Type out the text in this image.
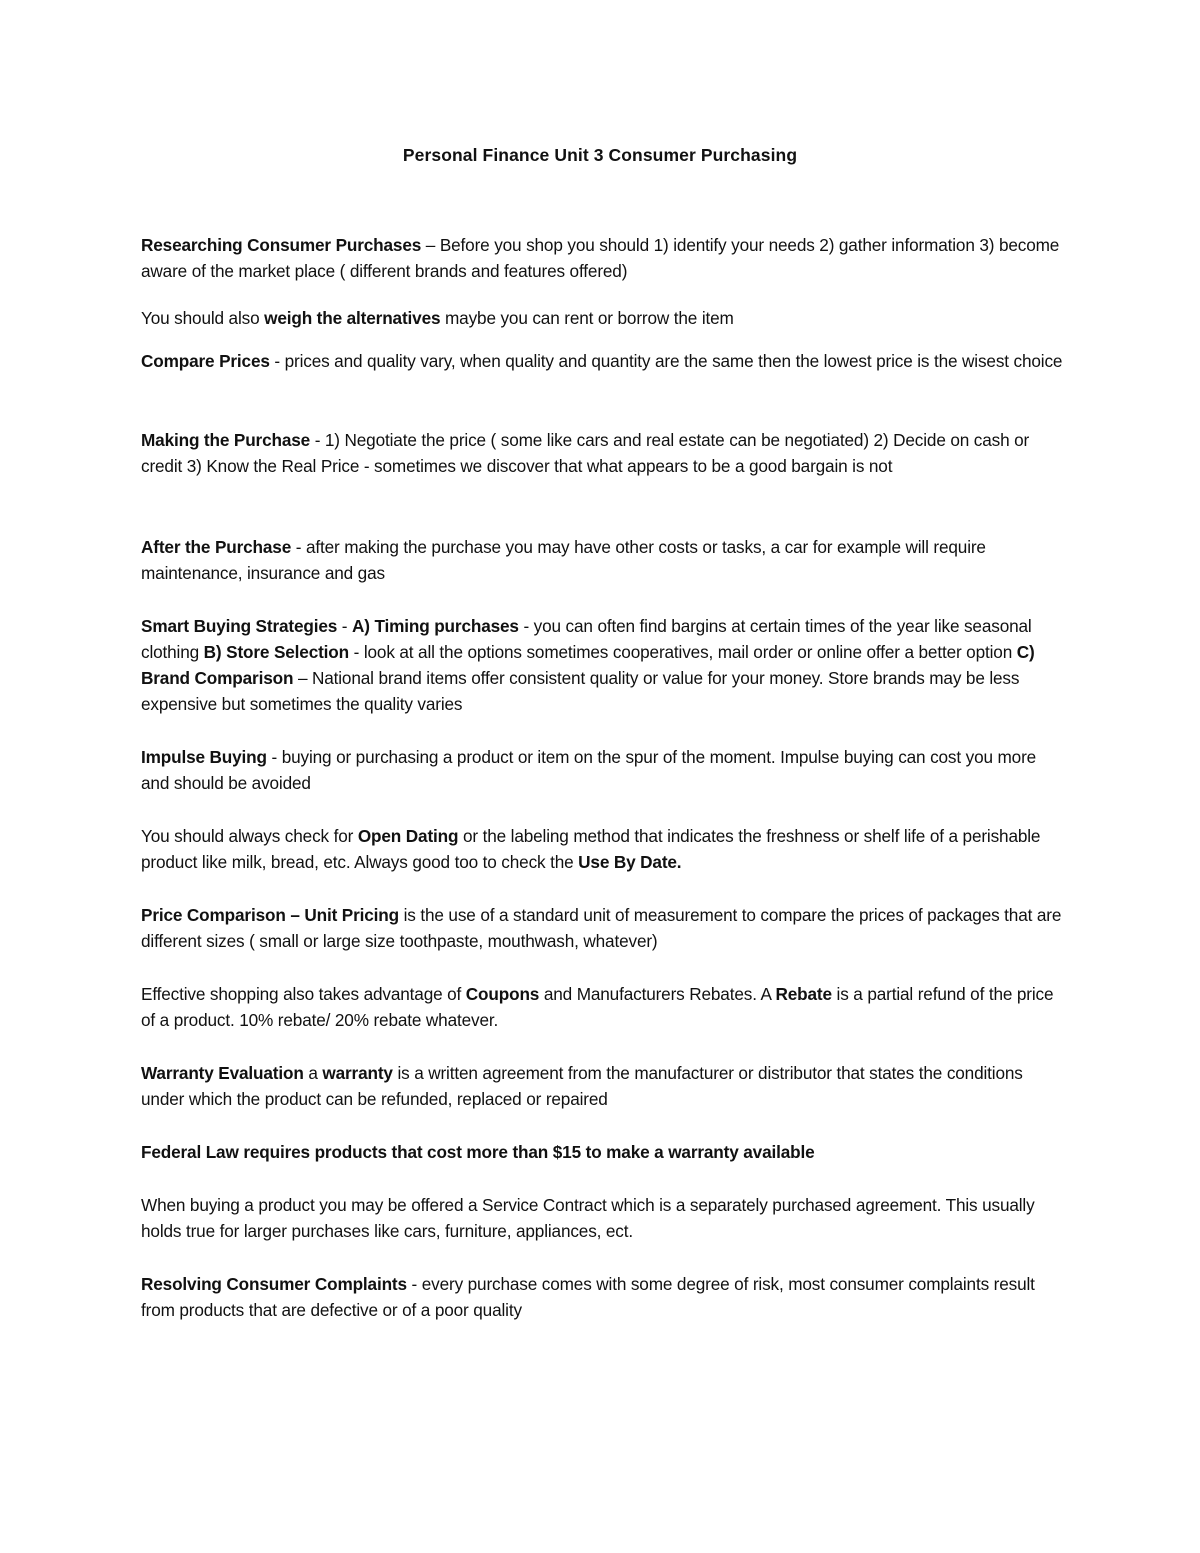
Personal Finance Unit 3 Consumer Purchasing

Researching Consumer Purchases – Before you shop you should 1) identify your needs 2) gather information 3) become aware of the market place ( different brands and features offered)

You should also weigh the alternatives maybe you can rent or borrow the item

Compare Prices - prices and quality vary, when quality and quantity are the same then the lowest price is the wisest choice

Making the Purchase - 1) Negotiate the price ( some like cars and real estate can be negotiated) 2) Decide on cash or credit 3) Know the Real Price - sometimes we discover that what appears to be a good bargain is not

After the Purchase - after making the purchase you may have other costs or tasks, a car for example will require maintenance, insurance and gas

Smart Buying Strategies - A) Timing purchases - you can often find bargins at certain times of the year like seasonal clothing B) Store Selection - look at all the options sometimes cooperatives, mail order or online offer a better option C) Brand Comparison – National brand items offer consistent quality or value for your money. Store brands may be less expensive but sometimes the quality varies

Impulse Buying - buying or purchasing a product or item on the spur of the moment. Impulse buying can cost you more and should be avoided

You should always check for Open Dating or the labeling method that indicates the freshness or shelf life of a perishable product like milk, bread, etc. Always good too to check the Use By Date.

Price Comparison – Unit Pricing is the use of a standard unit of measurement to compare the prices of packages that are different sizes ( small or large size toothpaste, mouthwash, whatever)

Effective shopping also takes advantage of Coupons and Manufacturers Rebates. A Rebate is a partial refund of the price of a product. 10% rebate/ 20% rebate whatever.

Warranty Evaluation a warranty is a written agreement from the manufacturer or distributor that states the conditions under which the product can be refunded, replaced or repaired

Federal Law requires products that cost more than $15 to make a warranty available

When buying a product you may be offered a Service Contract which is a separately purchased agreement. This usually holds true for larger purchases like cars, furniture, appliances, ect.

Resolving Consumer Complaints - every purchase comes with some degree of risk, most consumer complaints result from products that are defective or of a poor quality
